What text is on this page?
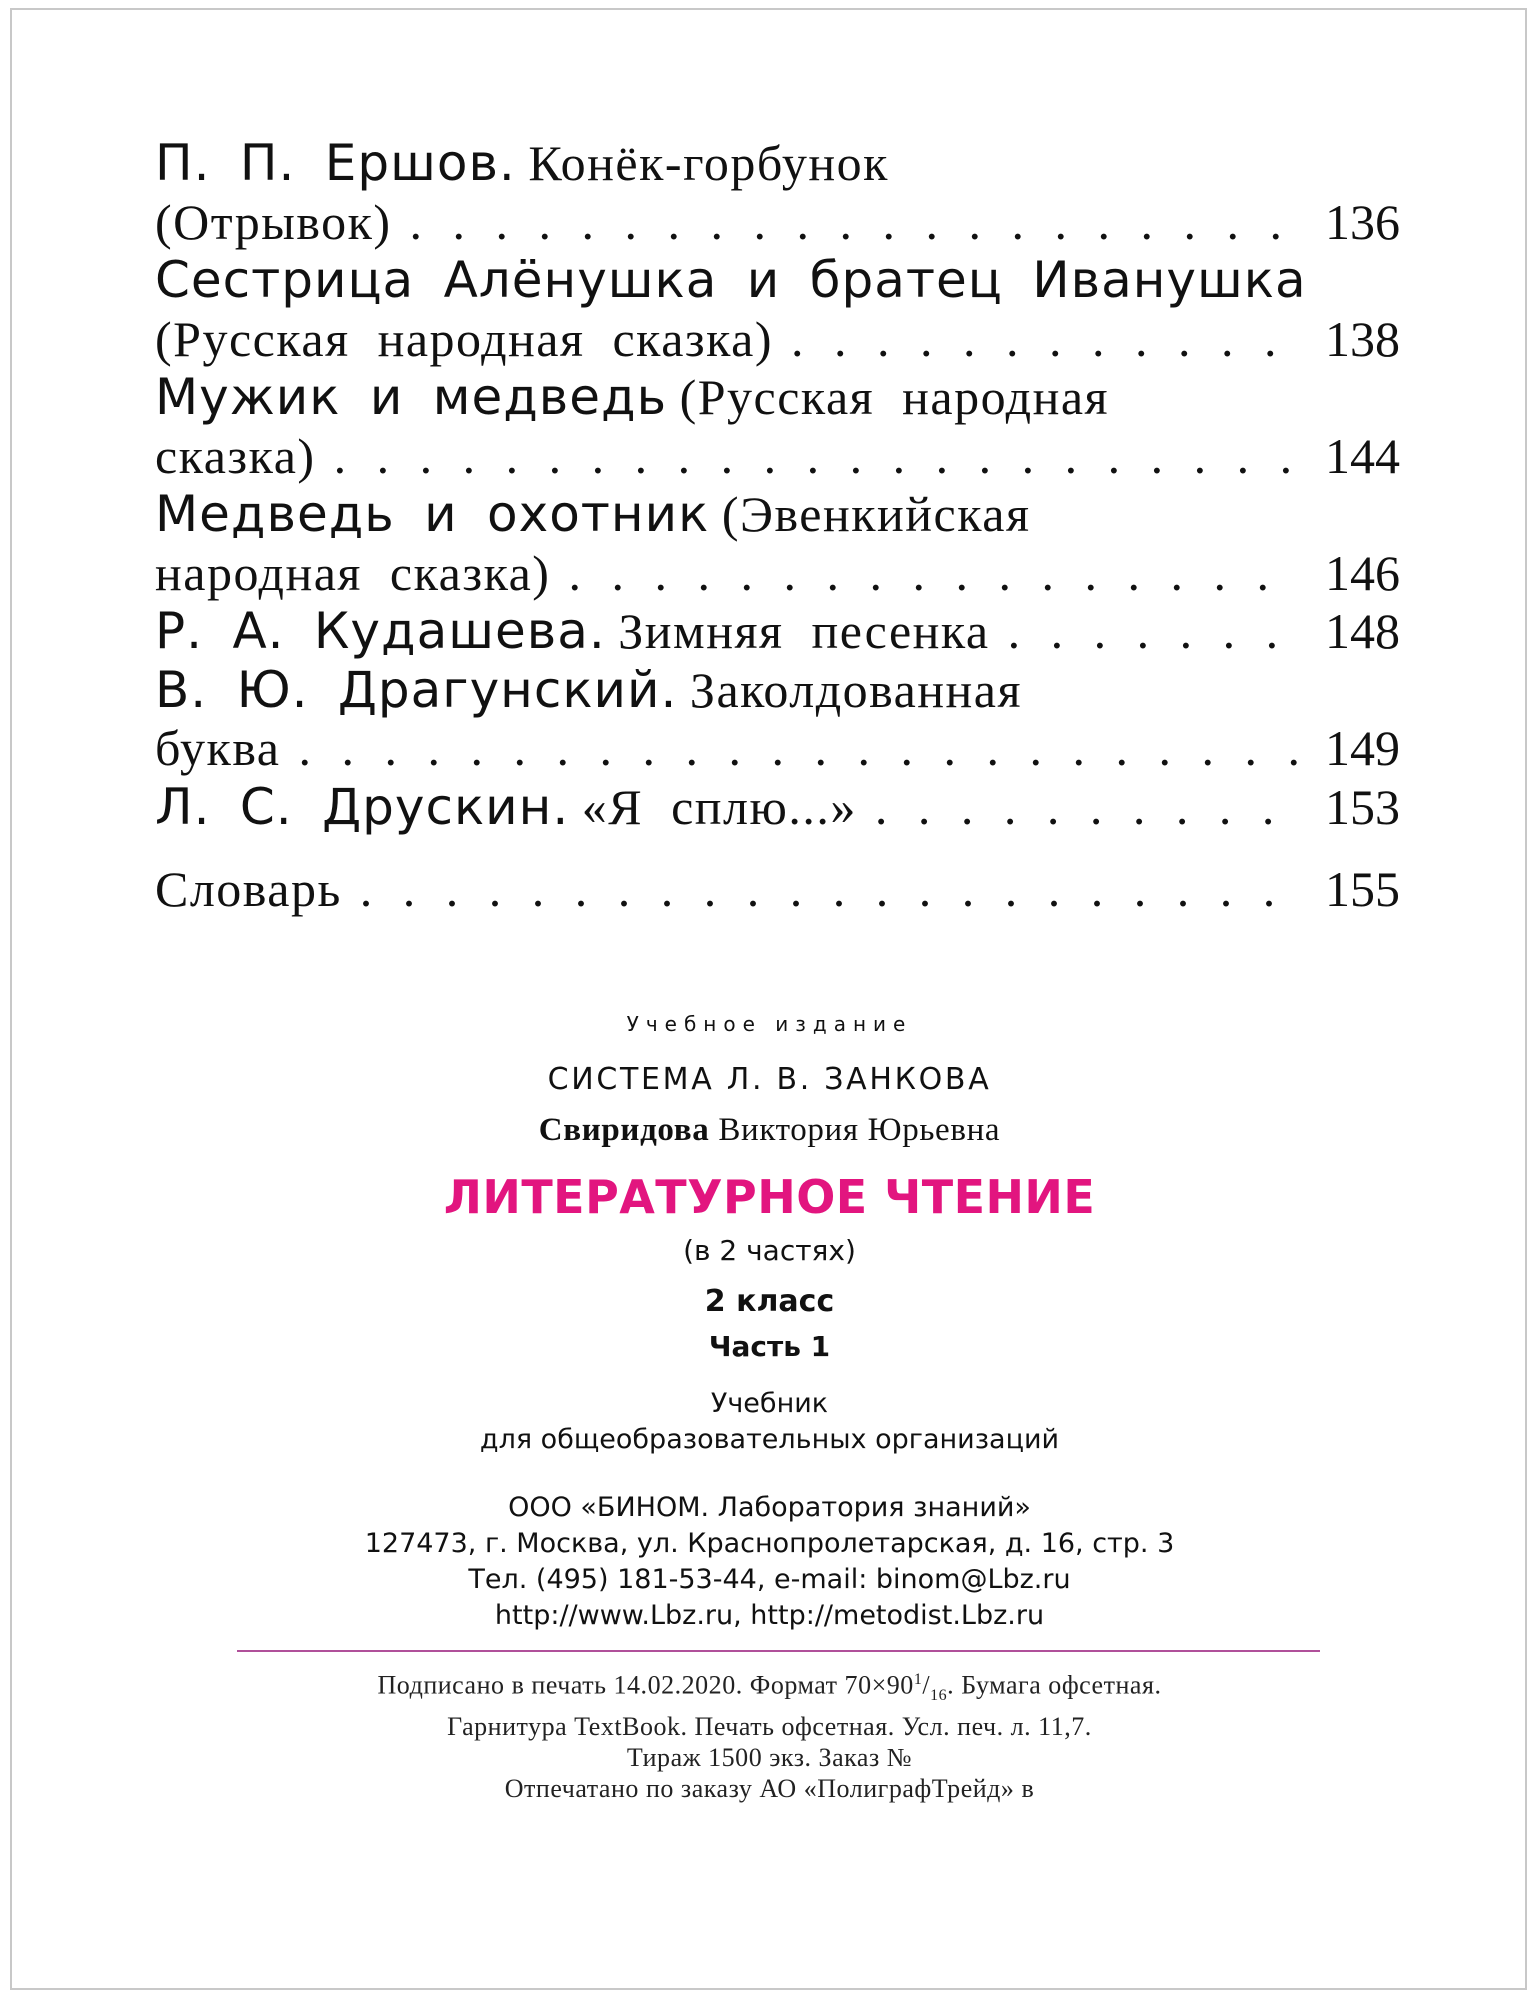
П. П. Ершов. Конёк-горбунок
(Отрывок) . . .	136
Сестрица Алёнушка и братец Иванушка
(Русская народная сказка) . . .	138
Мужик и медведь (Русская народная
сказка) . . .	144
Медведь и охотник (Эвенкийская
народная сказка) . . .	146
Р. А. Кудашева.
Зимняя песенка . . .	148
В. Ю. Драгунский. Заколдованная
буква . . .	149
Л. С. Друскин.
«Я сплю...» . . .	153
Словарь . . .	155
Учебное издание
СИСТЕМА Л. В. ЗАНКОВА
Свиридова Виктория Юрьевна
ЛИТЕРАТУРНОЕ ЧТЕНИЕ
(в 2 частях)
2 класс
Часть 1
Учебник
для общеобразовательных организаций
ООО «БИНОМ. Лаборатория знаний»
127473, г. Москва, ул. Краснопролетарская, д. 16, стр. 3
Тел. (495) 181-53-44, e-mail: binom@Lbz.ru
http://www.Lbz.ru, http://metodist.Lbz.ru
Подписано в печать 14.02.2020. Формат $70\times 90^1/_{16}$. Бумага офсетная.
Гарнитура TextBook. Печать офсетная. Усл. печ. л. 11,7.
Тираж 1500 экз. Заказ №
Отпечатано по заказу АО «ПолиграфТрейд» в
